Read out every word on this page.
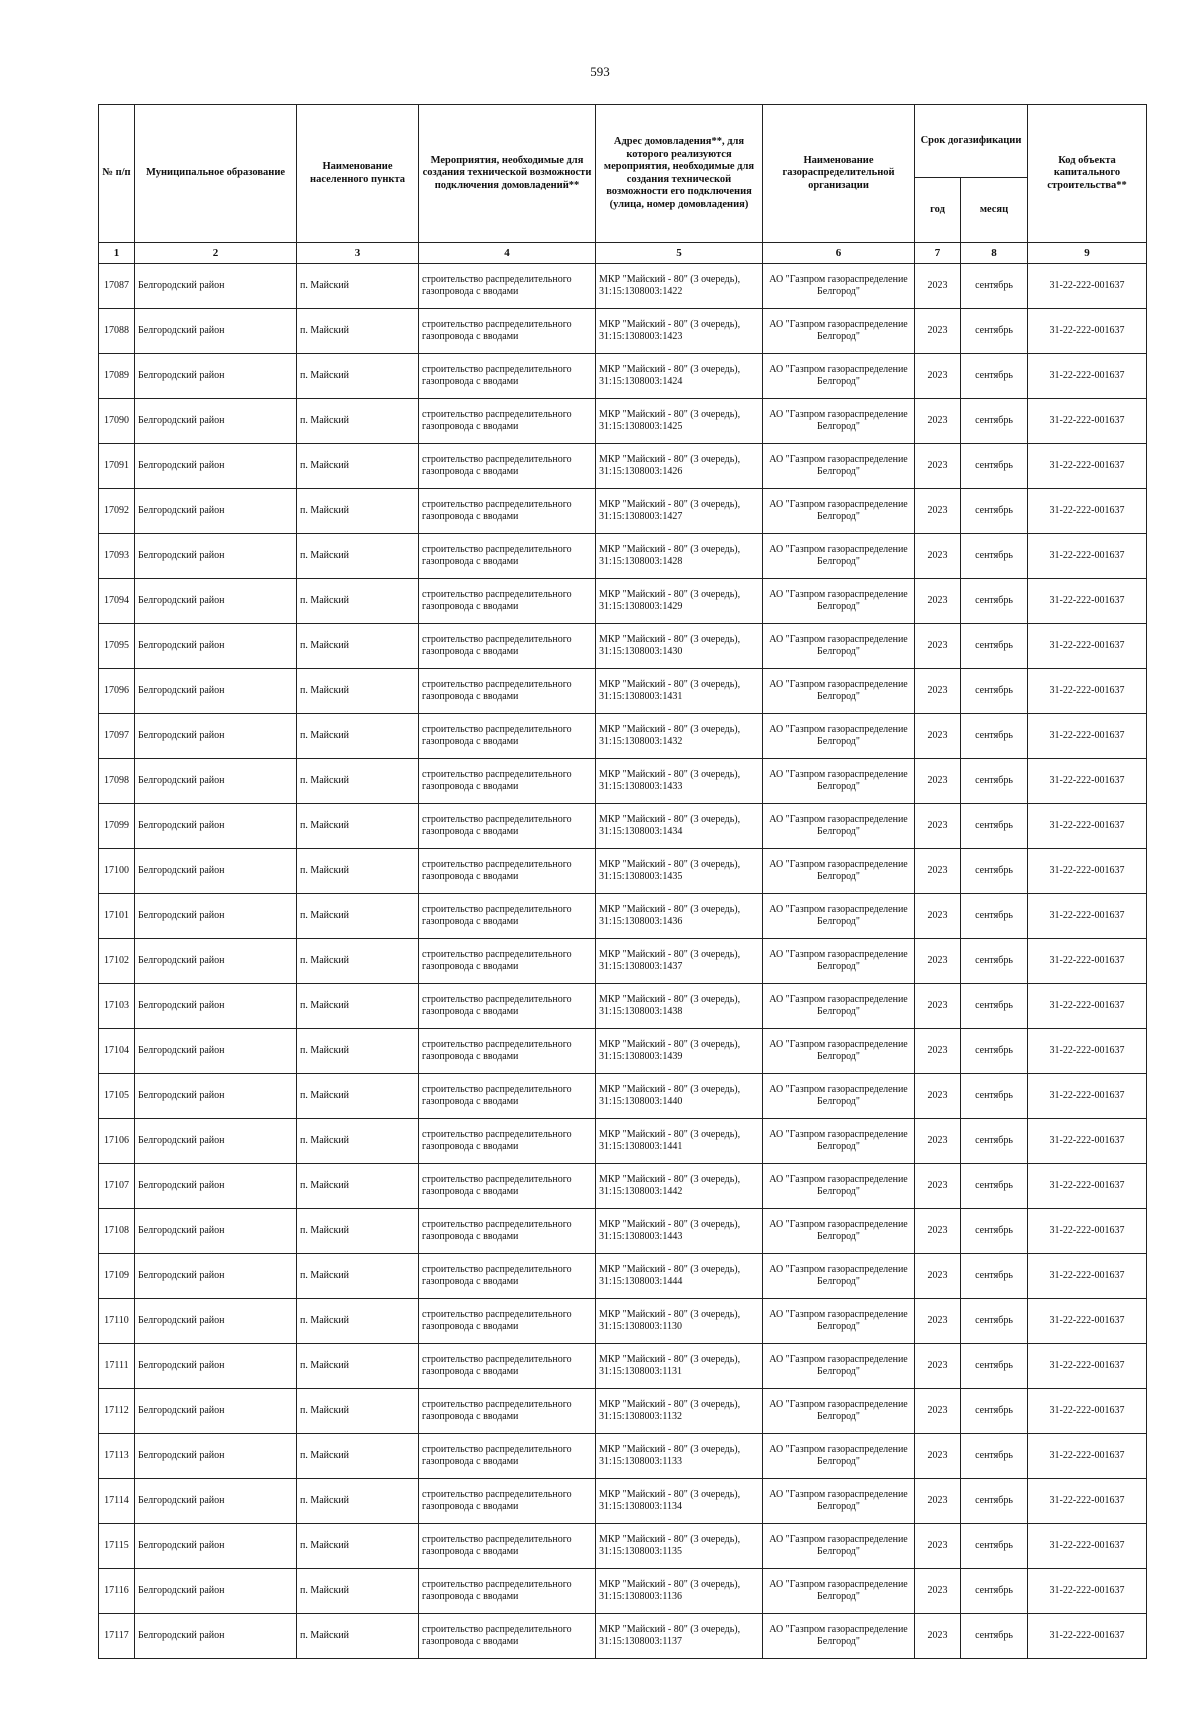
593
№ п/п	Муниципальное образование	Наименование населенного пункта	Мероприятия, необходимые для создания технической возможности подключения домовладений**	Адрес домовладения**, для которого реализуются мероприятия, необходимые для создания технической возможности его подключения (улица, номер домовладения)	Наименование газораспределительной организации	Срок догазификации		Код объекта капитального строительства**
						год	месяц	
1	2	3	4	5	6	7	8	9
17087	Белгородский район	п. Майский	строительство распределительного газопровода с вводами	МКР "Майский - 80" (3 очередь), 31:15:1308003:1422	АО "Газпром газораспределение Белгород"	2023	сентябрь	31-22-222-001637
17088	Белгородский район	п. Майский	строительство распределительного газопровода с вводами	МКР "Майский - 80" (3 очередь), 31:15:1308003:1423	АО "Газпром газораспределение Белгород"	2023	сентябрь	31-22-222-001637
17089	Белгородский район	п. Майский	строительство распределительного газопровода с вводами	МКР "Майский - 80" (3 очередь), 31:15:1308003:1424	АО "Газпром газораспределение Белгород"	2023	сентябрь	31-22-222-001637
17090	Белгородский район	п. Майский	строительство распределительного газопровода с вводами	МКР "Майский - 80" (3 очередь), 31:15:1308003:1425	АО "Газпром газораспределение Белгород"	2023	сентябрь	31-22-222-001637
17091	Белгородский район	п. Майский	строительство распределительного газопровода с вводами	МКР "Майский - 80" (3 очередь), 31:15:1308003:1426	АО "Газпром газораспределение Белгород"	2023	сентябрь	31-22-222-001637
17092	Белгородский район	п. Майский	строительство распределительного газопровода с вводами	МКР "Майский - 80" (3 очередь), 31:15:1308003:1427	АО "Газпром газораспределение Белгород"	2023	сентябрь	31-22-222-001637
17093	Белгородский район	п. Майский	строительство распределительного газопровода с вводами	МКР "Майский - 80" (3 очередь), 31:15:1308003:1428	АО "Газпром газораспределение Белгород"	2023	сентябрь	31-22-222-001637
17094	Белгородский район	п. Майский	строительство распределительного газопровода с вводами	МКР "Майский - 80" (3 очередь), 31:15:1308003:1429	АО "Газпром газораспределение Белгород"	2023	сентябрь	31-22-222-001637
17095	Белгородский район	п. Майский	строительство распределительного газопровода с вводами	МКР "Майский - 80" (3 очередь), 31:15:1308003:1430	АО "Газпром газораспределение Белгород"	2023	сентябрь	31-22-222-001637
17096	Белгородский район	п. Майский	строительство распределительного газопровода с вводами	МКР "Майский - 80" (3 очередь), 31:15:1308003:1431	АО "Газпром газораспределение Белгород"	2023	сентябрь	31-22-222-001637
17097	Белгородский район	п. Майский	строительство распределительного газопровода с вводами	МКР "Майский - 80" (3 очередь), 31:15:1308003:1432	АО "Газпром газораспределение Белгород"	2023	сентябрь	31-22-222-001637
17098	Белгородский район	п. Майский	строительство распределительного газопровода с вводами	МКР "Майский - 80" (3 очередь), 31:15:1308003:1433	АО "Газпром газораспределение Белгород"	2023	сентябрь	31-22-222-001637
17099	Белгородский район	п. Майский	строительство распределительного газопровода с вводами	МКР "Майский - 80" (3 очередь), 31:15:1308003:1434	АО "Газпром газораспределение Белгород"	2023	сентябрь	31-22-222-001637
17100	Белгородский район	п. Майский	строительство распределительного газопровода с вводами	МКР "Майский - 80" (3 очередь), 31:15:1308003:1435	АО "Газпром газораспределение Белгород"	2023	сентябрь	31-22-222-001637
17101	Белгородский район	п. Майский	строительство распределительного газопровода с вводами	МКР "Майский - 80" (3 очередь), 31:15:1308003:1436	АО "Газпром газораспределение Белгород"	2023	сентябрь	31-22-222-001637
17102	Белгородский район	п. Майский	строительство распределительного газопровода с вводами	МКР "Майский - 80" (3 очередь), 31:15:1308003:1437	АО "Газпром газораспределение Белгород"	2023	сентябрь	31-22-222-001637
17103	Белгородский район	п. Майский	строительство распределительного газопровода с вводами	МКР "Майский - 80" (3 очередь), 31:15:1308003:1438	АО "Газпром газораспределение Белгород"	2023	сентябрь	31-22-222-001637
17104	Белгородский район	п. Майский	строительство распределительного газопровода с вводами	МКР "Майский - 80" (3 очередь), 31:15:1308003:1439	АО "Газпром газораспределение Белгород"	2023	сентябрь	31-22-222-001637
17105	Белгородский район	п. Майский	строительство распределительного газопровода с вводами	МКР "Майский - 80" (3 очередь), 31:15:1308003:1440	АО "Газпром газораспределение Белгород"	2023	сентябрь	31-22-222-001637
17106	Белгородский район	п. Майский	строительство распределительного газопровода с вводами	МКР "Майский - 80" (3 очередь), 31:15:1308003:1441	АО "Газпром газораспределение Белгород"	2023	сентябрь	31-22-222-001637
17107	Белгородский район	п. Майский	строительство распределительного газопровода с вводами	МКР "Майский - 80" (3 очередь), 31:15:1308003:1442	АО "Газпром газораспределение Белгород"	2023	сентябрь	31-22-222-001637
17108	Белгородский район	п. Майский	строительство распределительного газопровода с вводами	МКР "Майский - 80" (3 очередь), 31:15:1308003:1443	АО "Газпром газораспределение Белгород"	2023	сентябрь	31-22-222-001637
17109	Белгородский район	п. Майский	строительство распределительного газопровода с вводами	МКР "Майский - 80" (3 очередь), 31:15:1308003:1444	АО "Газпром газораспределение Белгород"	2023	сентябрь	31-22-222-001637
17110	Белгородский район	п. Майский	строительство распределительного газопровода с вводами	МКР "Майский - 80" (3 очередь), 31:15:1308003:1130	АО "Газпром газораспределение Белгород"	2023	сентябрь	31-22-222-001637
17111	Белгородский район	п. Майский	строительство распределительного газопровода с вводами	МКР "Майский - 80" (3 очередь), 31:15:1308003:1131	АО "Газпром газораспределение Белгород"	2023	сентябрь	31-22-222-001637
17112	Белгородский район	п. Майский	строительство распределительного газопровода с вводами	МКР "Майский - 80" (3 очередь), 31:15:1308003:1132	АО "Газпром газораспределение Белгород"	2023	сентябрь	31-22-222-001637
17113	Белгородский район	п. Майский	строительство распределительного газопровода с вводами	МКР "Майский - 80" (3 очередь), 31:15:1308003:1133	АО "Газпром газораспределение Белгород"	2023	сентябрь	31-22-222-001637
17114	Белгородский район	п. Майский	строительство распределительного газопровода с вводами	МКР "Майский - 80" (3 очередь), 31:15:1308003:1134	АО "Газпром газораспределение Белгород"	2023	сентябрь	31-22-222-001637
17115	Белгородский район	п. Майский	строительство распределительного газопровода с вводами	МКР "Майский - 80" (3 очередь), 31:15:1308003:1135	АО "Газпром газораспределение Белгород"	2023	сентябрь	31-22-222-001637
17116	Белгородский район	п. Майский	строительство распределительного газопровода с вводами	МКР "Майский - 80" (3 очередь), 31:15:1308003:1136	АО "Газпром газораспределение Белгород"	2023	сентябрь	31-22-222-001637
17117	Белгородский район	п. Майский	строительство распределительного газопровода с вводами	МКР "Майский - 80" (3 очередь), 31:15:1308003:1137	АО "Газпром газораспределение Белгород"	2023	сентябрь	31-22-222-001637
